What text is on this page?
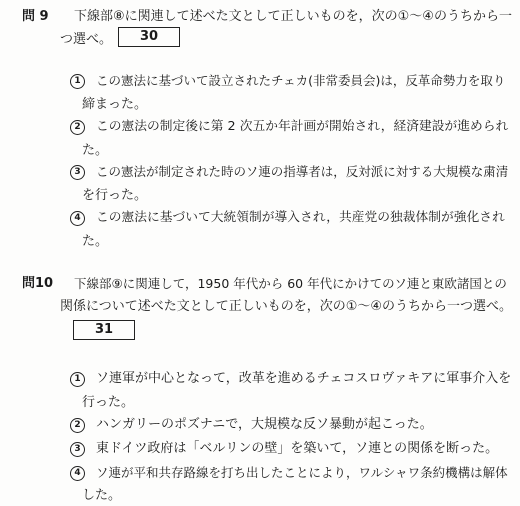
問 9 下線部⑧に関連して述べた文として正しいものを，次の①～④のうちから一
つ選べ。	30
1	この憲法に基づいて設立されたチェカ(非常委員会)は，反革命勢力を取り
締まった。
2	この憲法の制定後に第 2 次五か年計画が開始され，経済建設が進められ
た。
3	この憲法が制定された時のソ連の指導者は，反対派に対する大規模な粛清
を行った。
4	この憲法に基づいて大統領制が導入され，共産党の独裁体制が強化され
た。
問10 下線部⑨に関連して，1950 年代から 60 年代にかけてのソ連と東欧諸国との
関係について述べた文として正しいものを，次の①～④のうちから一つ選べ。
31
1	ソ連軍が中心となって，改革を進めるチェコスロヴァキアに軍事介入を
行った。
2	ハンガリーのポズナニで，大規模な反ソ暴動が起こった。
3	東ドイツ政府は「ベルリンの壁」を築いて，ソ連との関係を断った。
4	ソ連が平和共存路線を打ち出したことにより，ワルシャワ条約機構は解体
した。
